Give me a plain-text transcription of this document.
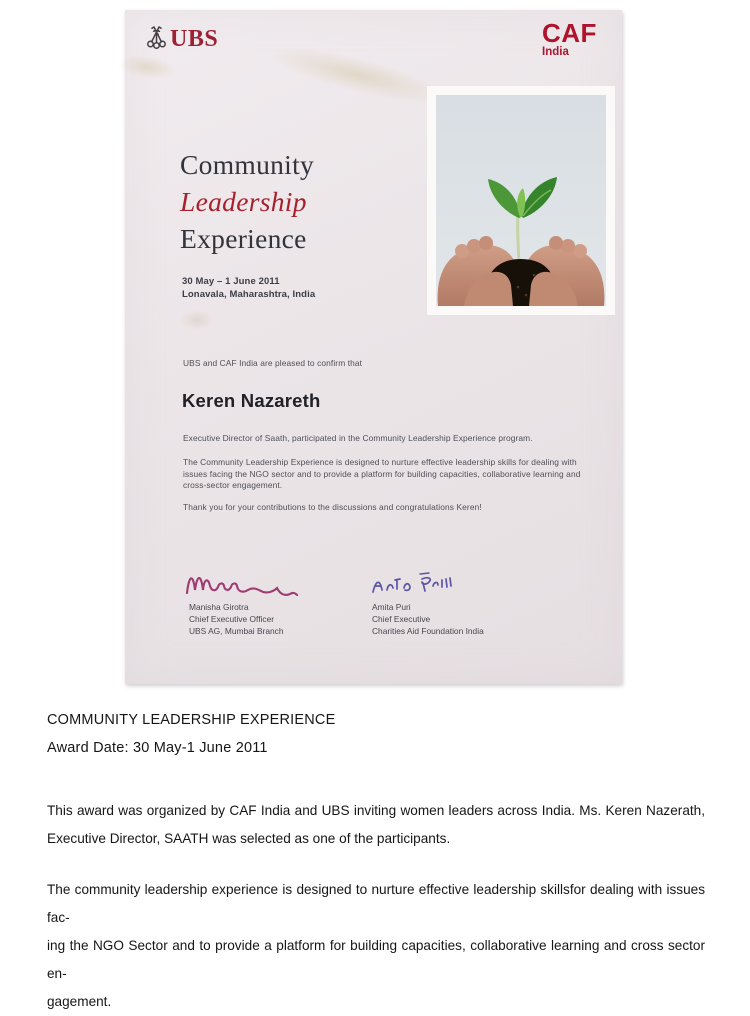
UBS	CAF
India
Community
Leadership
Experience
30 May – 1 June 2011
Lonavala, Maharashtra, India
UBS and CAF India are pleased to confirm that
Keren Nazareth
Executive Director of Saath, participated in the Community Leadership Experience program.
The Community Leadership Experience is designed to nurture effective leadership skills for dealing with issues facing the NGO sector and to provide a platform for building capacities, collaborative learning and cross-sector engagement.
Thank you for your contributions to the discussions and congratulations Keren!
Manisha Girotra
Chief Executive Officer
UBS AG, Mumbai Branch
Amita Puri
Chief Executive
Charities Aid Foundation India
COMMUNITY LEADERSHIP EXPERIENCE
Award Date: 30 May-1 June 2011
This award was organized by CAF India and UBS inviting women leaders across India. Ms. Keren Nazerath,
Executive Director, SAATH was selected as one of the participants.
The community leadership experience is designed to nurture effective leadership skillsfor dealing with issues fac-
ing the NGO Sector and to provide a platform for building capacities, collaborative learning and cross sector en-
gagement.
